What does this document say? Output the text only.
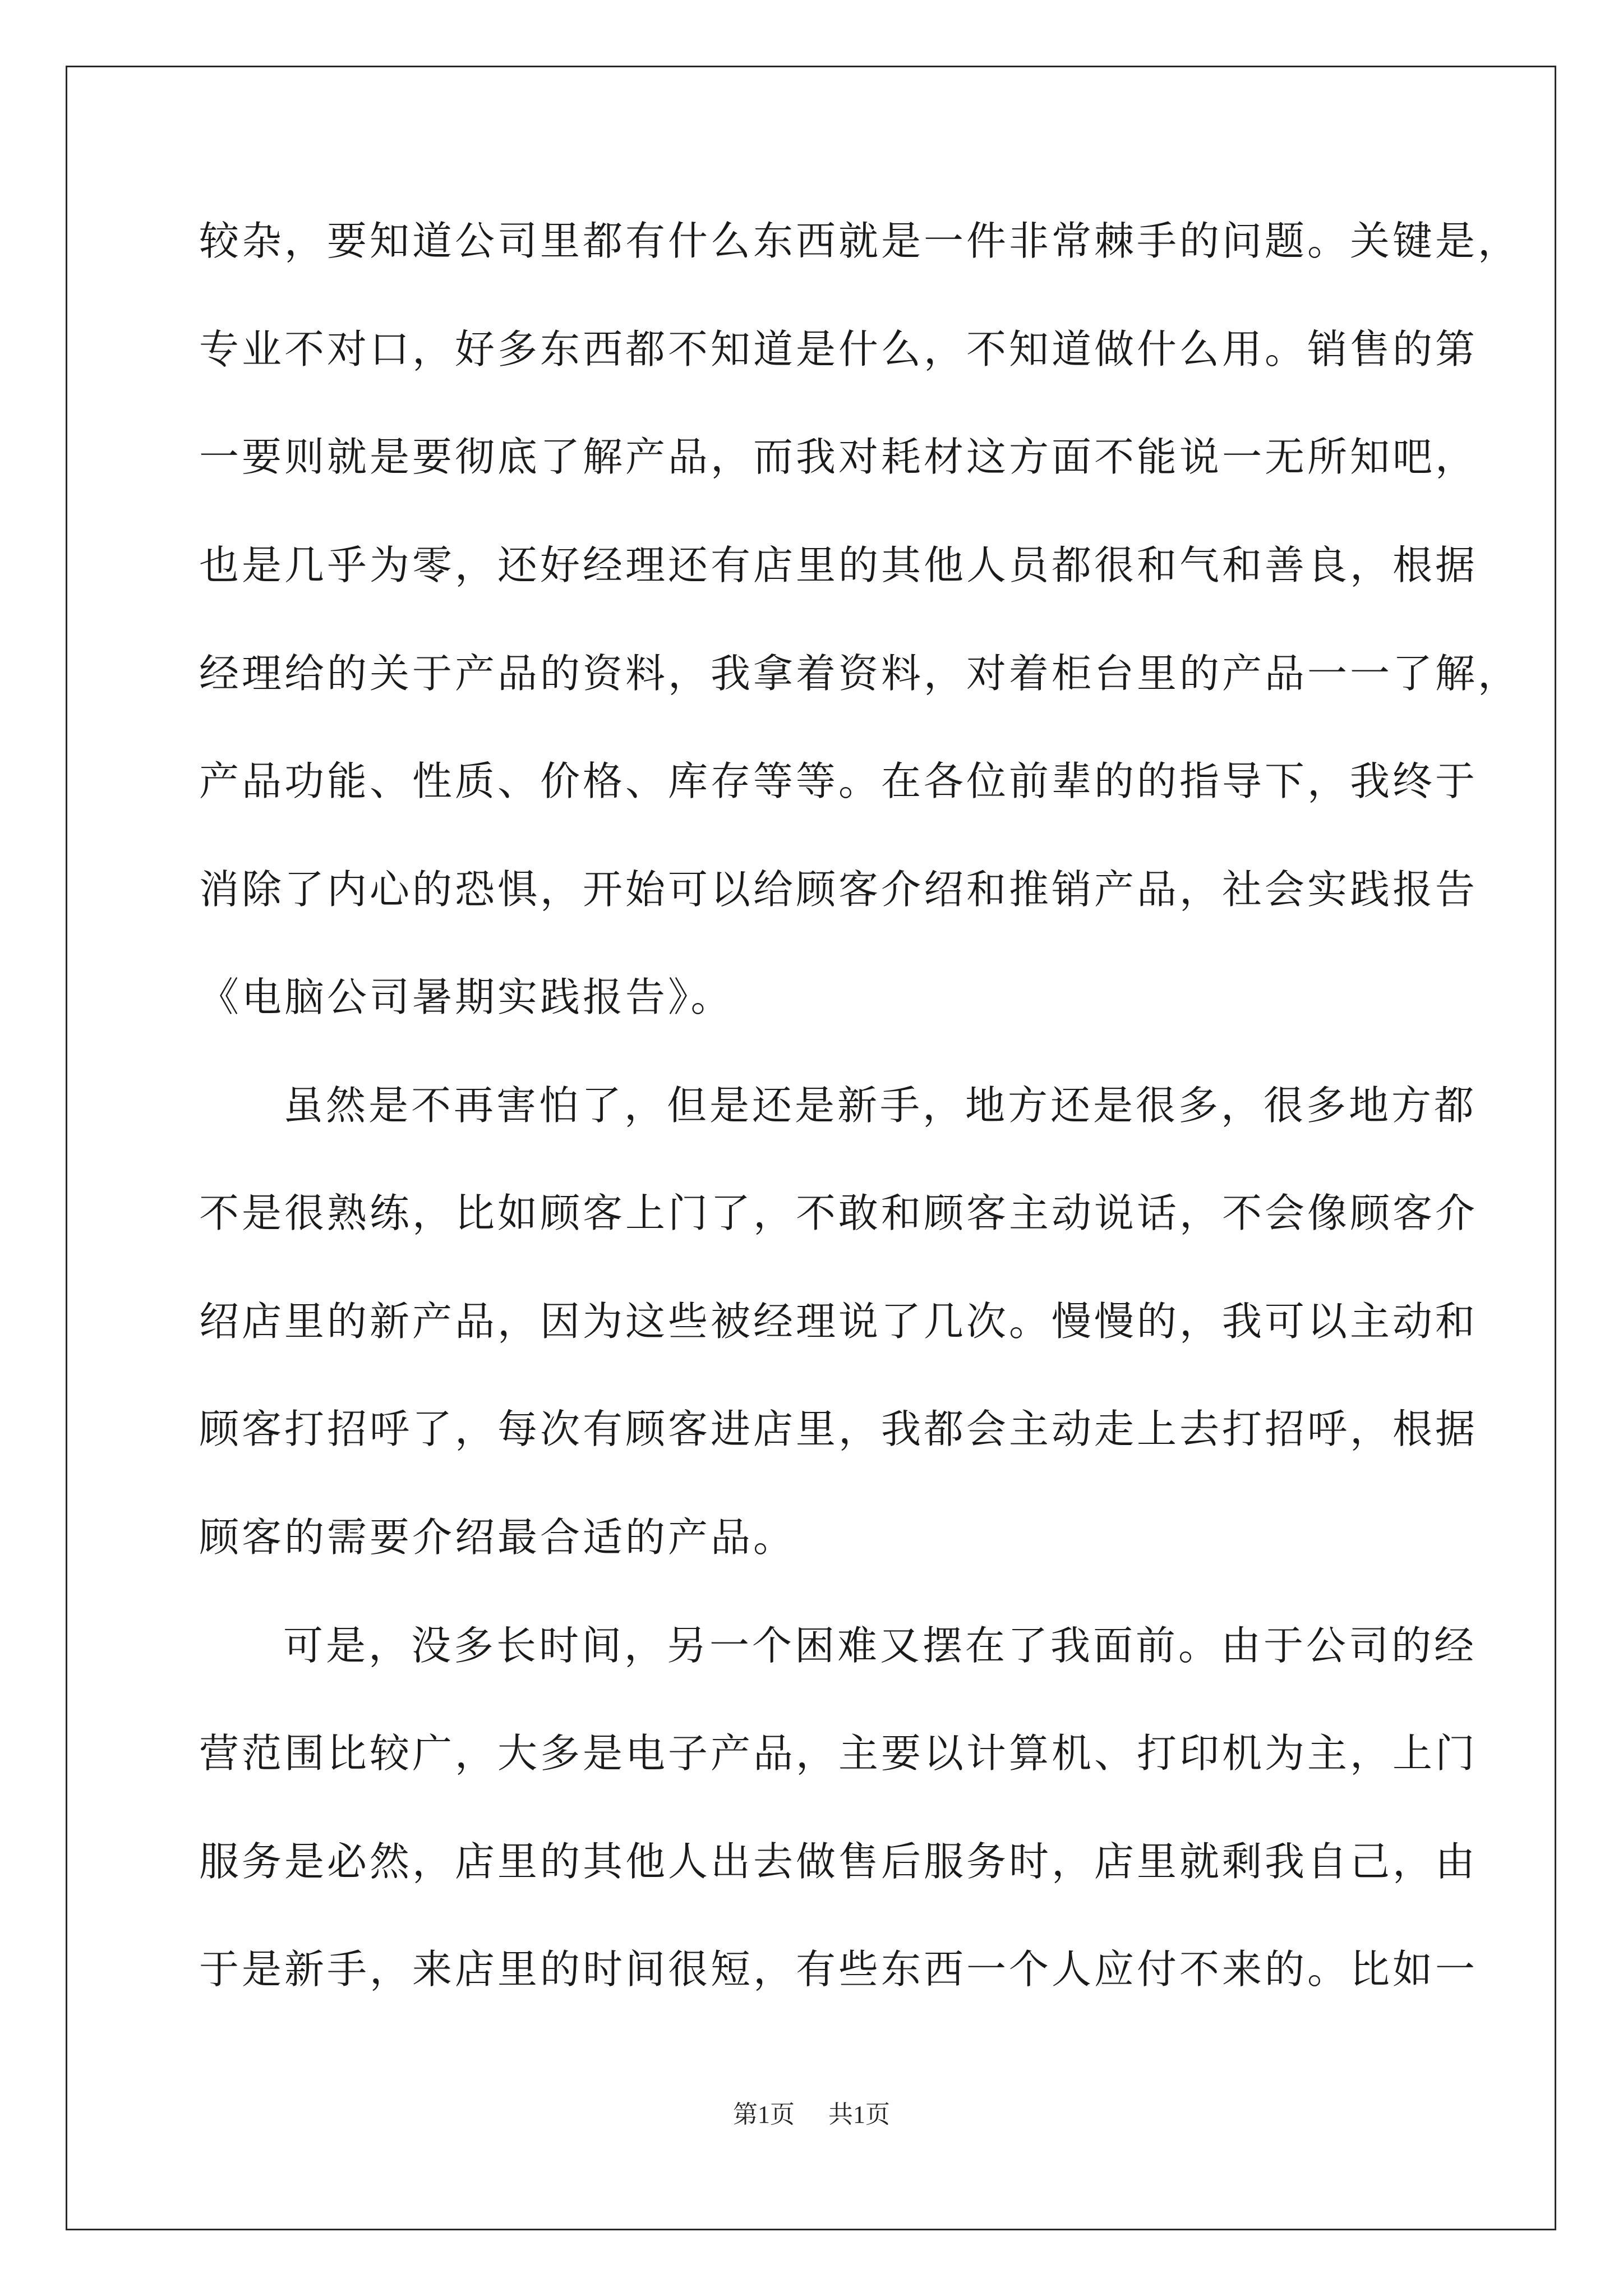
较杂，要知道公司里都有什么东西就是一件非常棘手的问题。关键是，

专业不对口，好多东西都不知道是什么，不知道做什么用。销售的第

一要则就是要彻底了解产品，而我对耗材这方面不能说一无所知吧，

也是几乎为零，还好经理还有店里的其他人员都很和气和善良，根据

经理给的关于产品的资料，我拿着资料，对着柜台里的产品一一了解，

产品功能、性质、价格、库存等等。在各位前辈的的指导下，我终于

消除了内心的恐惧，开始可以给顾客介绍和推销产品，社会实践报告

《电脑公司暑期实践报告》。

虽然是不再害怕了，但是还是新手，地方还是很多，很多地方都

不是很熟练，比如顾客上门了，不敢和顾客主动说话，不会像顾客介

绍店里的新产品，因为这些被经理说了几次。慢慢的，我可以主动和

顾客打招呼了，每次有顾客进店里，我都会主动走上去打招呼，根据

顾客的需要介绍最合适的产品。

可是，没多长时间，另一个困难又摆在了我面前。由于公司的经

营范围比较广，大多是电子产品，主要以计算机、打印机为主，上门

服务是必然，店里的其他人出去做售后服务时，店里就剩我自己，由

于是新手，来店里的时间很短，有些东西一个人应付不来的。比如一

第1页 共1页
